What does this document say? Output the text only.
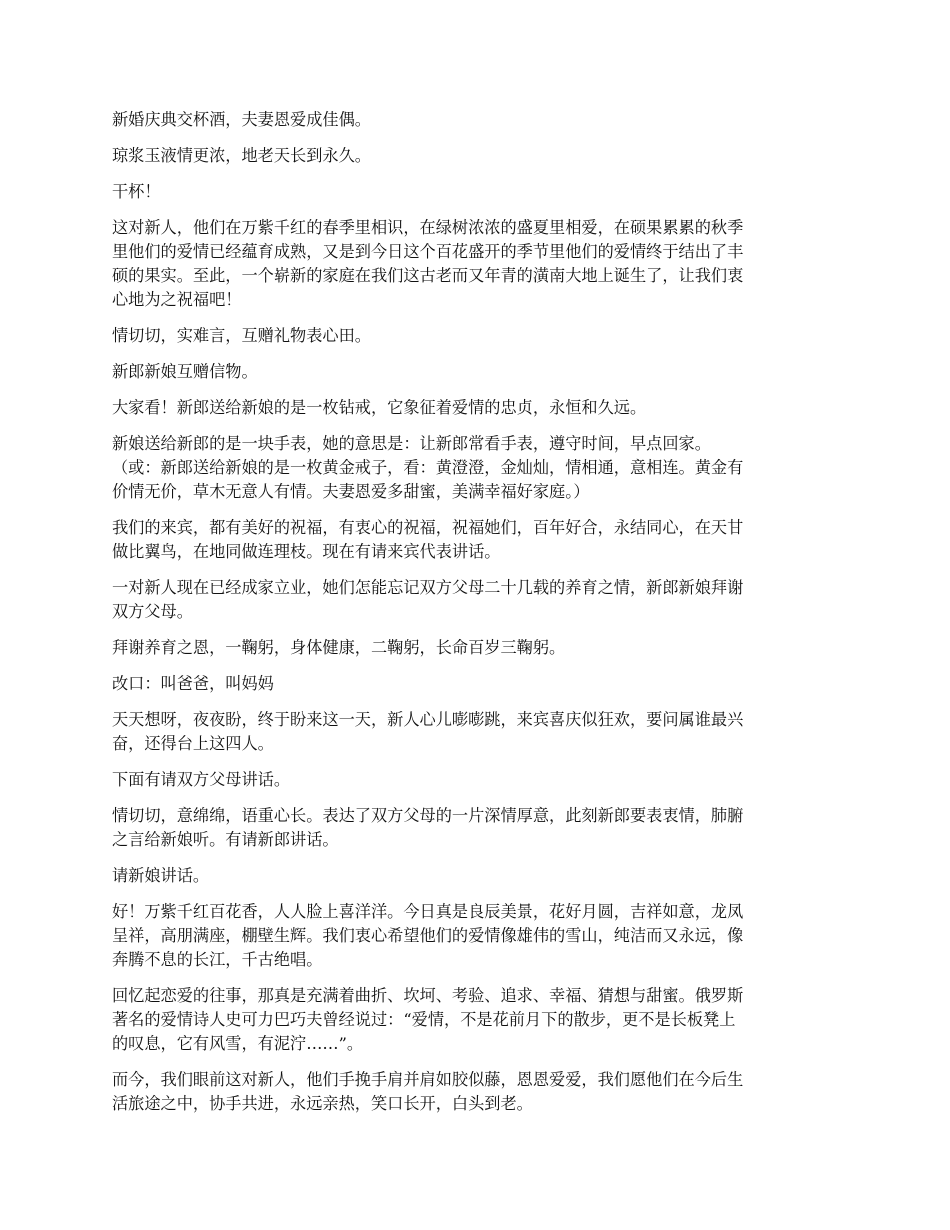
新婚庆典交杯酒，夫妻恩爱成佳偶。

琼浆玉液情更浓，地老天长到永久。

干杯！

这对新人，他们在万紫千红的春季里相识，在绿树浓浓的盛夏里相爱，在硕果累累的秋季
里他们的爱情已经蕴育成熟，又是到今日这个百花盛开的季节里他们的爱情终于结出了丰
硕的果实。至此，一个崭新的家庭在我们这古老而又年青的潢南大地上诞生了，让我们衷
心地为之祝福吧！

情切切，实难言，互赠礼物表心田。

新郎新娘互赠信物。

大家看！新郎送给新娘的是一枚钻戒，它象征着爱情的忠贞，永恒和久远。

新娘送给新郎的是一块手表，她的意思是：让新郎常看手表，遵守时间，早点回家。
（或：新郎送给新娘的是一枚黄金戒子，看：黄澄澄，金灿灿，情相通，意相连。黄金有
价情无价，草木无意人有情。夫妻恩爱多甜蜜，美满幸福好家庭。）

我们的来宾，都有美好的祝福，有衷心的祝福，祝福她们，百年好合，永结同心，在天甘
做比翼鸟，在地同做连理枝。现在有请来宾代表讲话。

一对新人现在已经成家立业，她们怎能忘记双方父母二十几载的养育之情，新郎新娘拜谢
双方父母。

拜谢养育之恩，一鞠躬，身体健康，二鞠躬，长命百岁三鞠躬。

改口：叫爸爸，叫妈妈

天天想呀，夜夜盼，终于盼来这一天，新人心儿嘭嘭跳，来宾喜庆似狂欢，要问属谁最兴
奋，还得台上这四人。

下面有请双方父母讲话。

情切切，意绵绵，语重心长。表达了双方父母的一片深情厚意，此刻新郎要表衷情，肺腑
之言给新娘听。有请新郎讲话。

请新娘讲话。

好！万紫千红百花香，人人脸上喜洋洋。今日真是良辰美景，花好月圆，吉祥如意，龙凤
呈祥，高朋满座，棚壁生辉。我们衷心希望他们的爱情像雄伟的雪山，纯洁而又永远，像
奔腾不息的长江，千古绝唱。

回忆起恋爱的往事，那真是充满着曲折、坎坷、考验、追求、幸福、猜想与甜蜜。俄罗斯
著名的爱情诗人史可力巴巧夫曾经说过：“爱情，不是花前月下的散步，更不是长板凳上
的叹息，它有风雪，有泥泞……”。

而今，我们眼前这对新人，他们手挽手肩并肩如胶似藤，恩恩爱爱，我们愿他们在今后生
活旅途之中，协手共进，永远亲热，笑口长开，白头到老。
